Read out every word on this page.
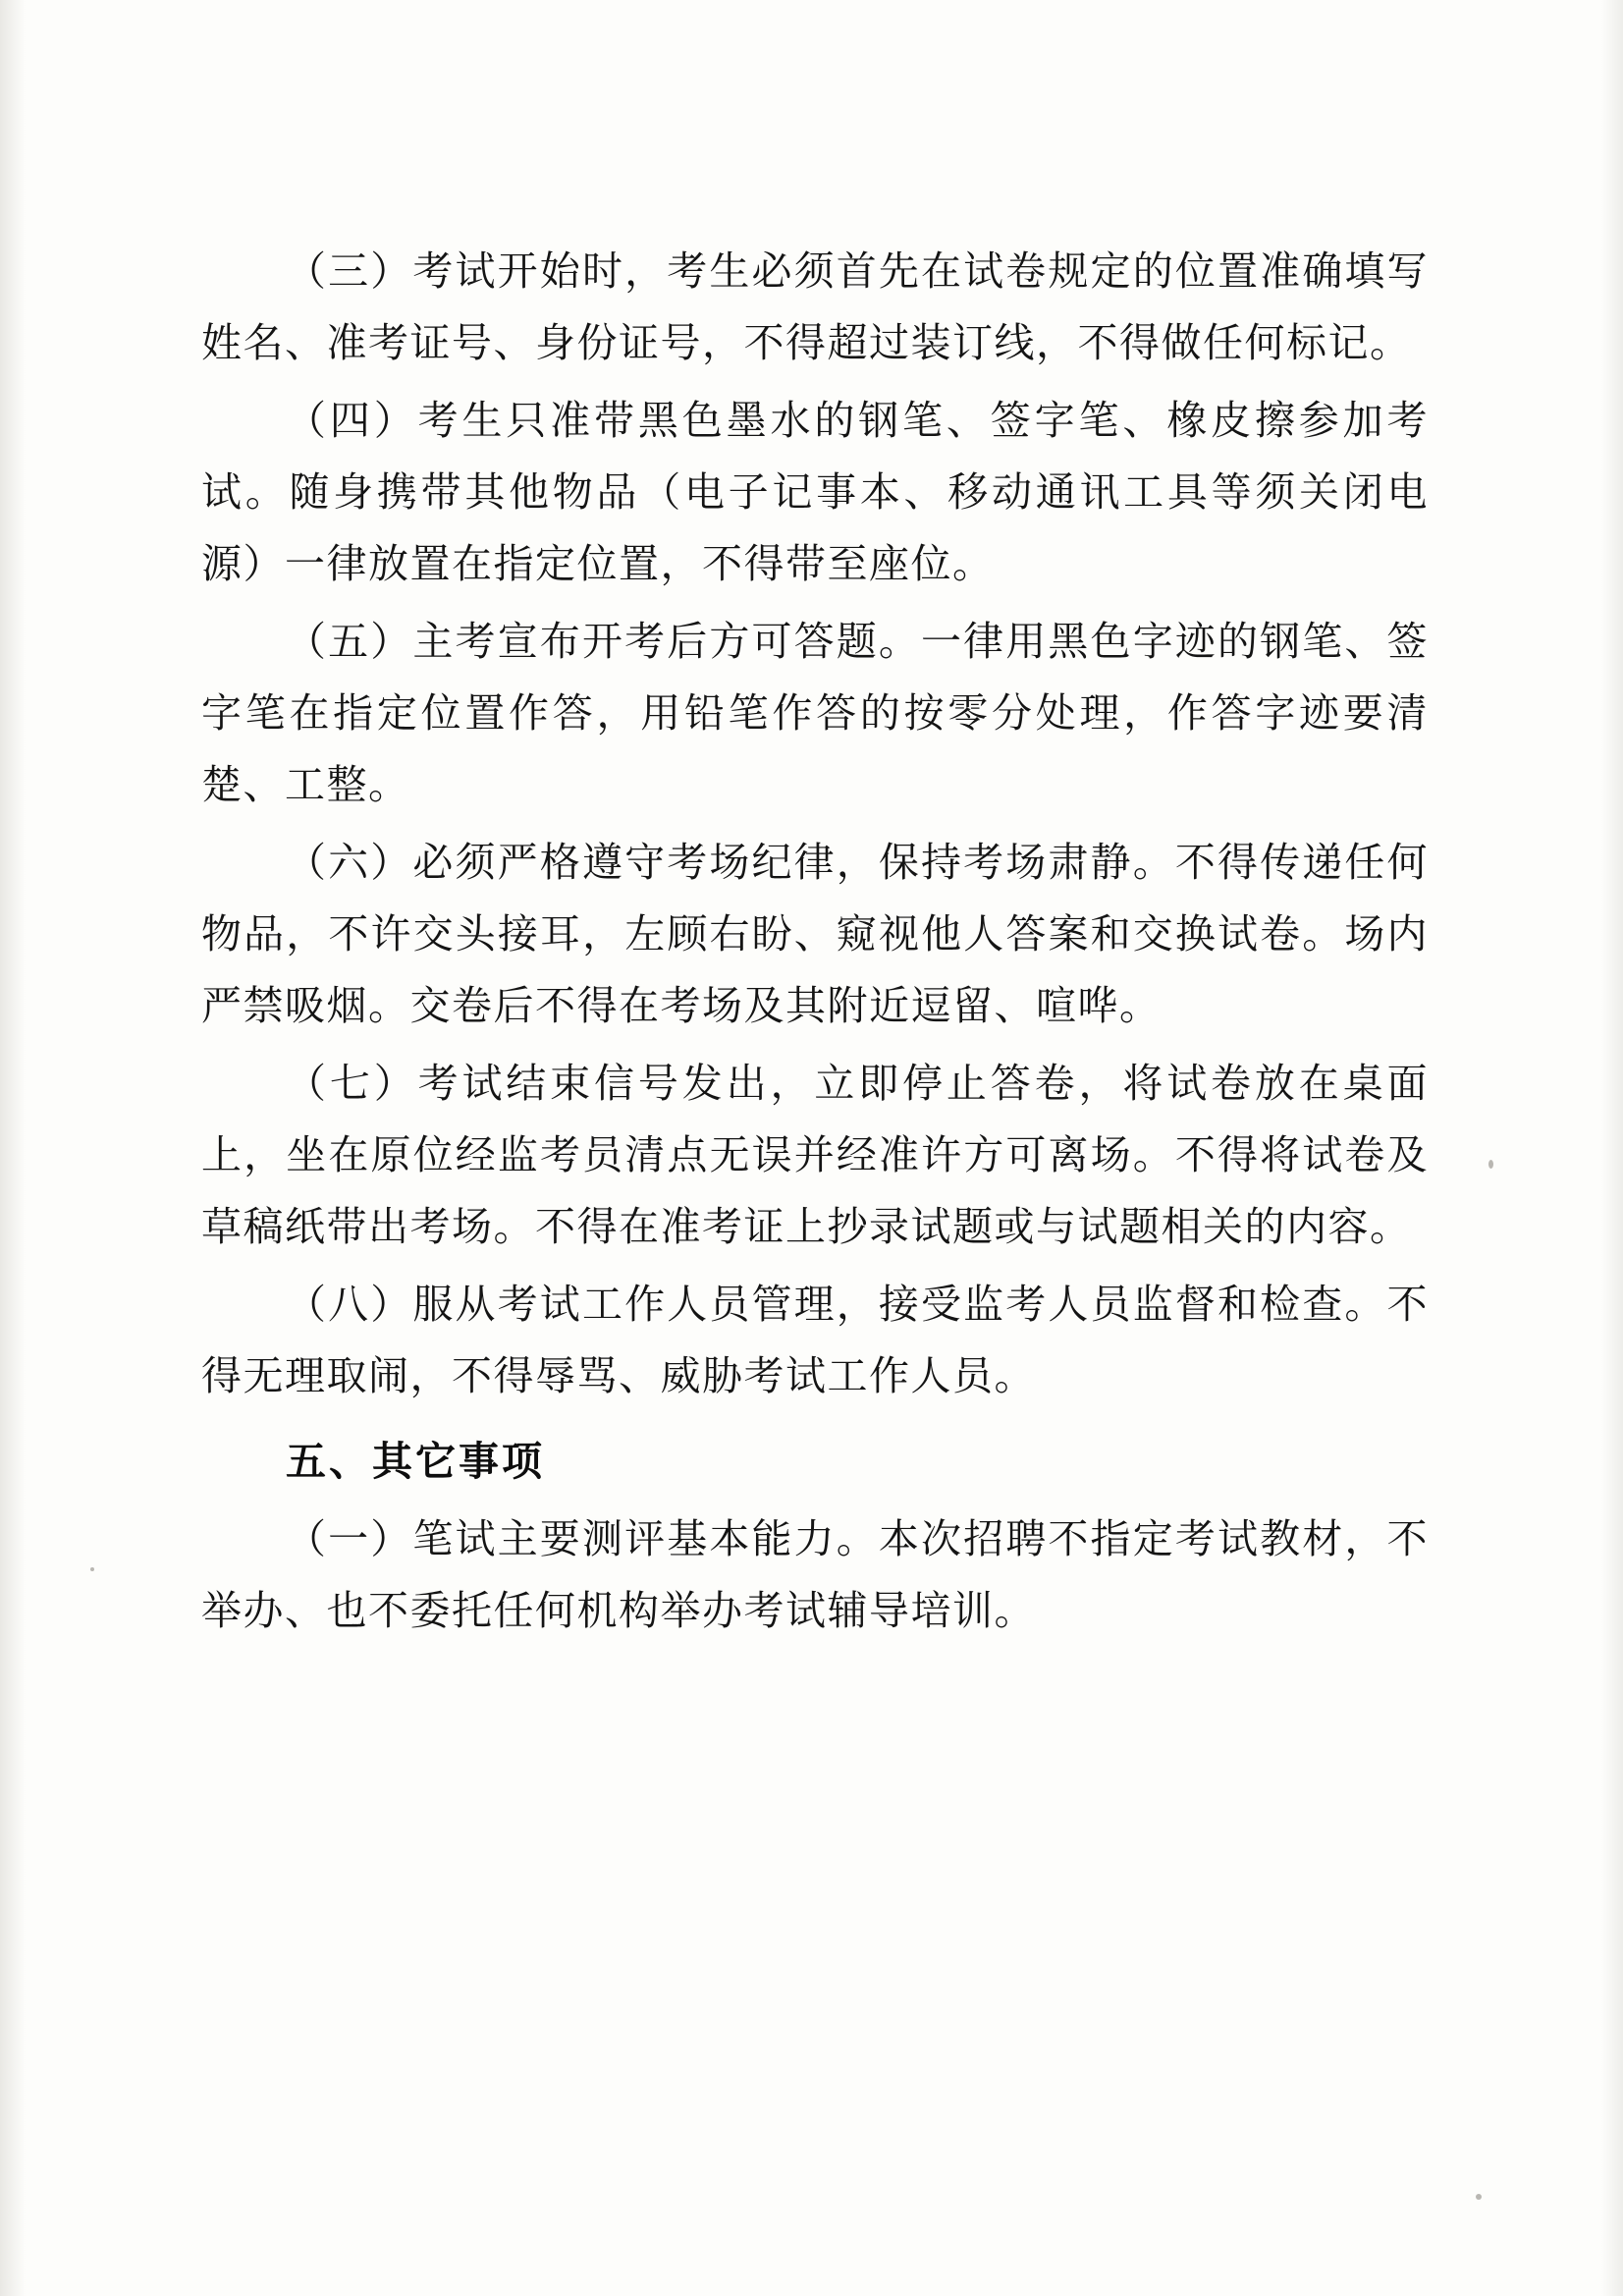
（三）考试开始时，考生必须首先在试卷规定的位置准确填写姓名、准考证号、身份证号，不得超过装订线，不得做任何标记。

（四）考生只准带黑色墨水的钢笔、签字笔、橡皮擦参加考试。随身携带其他物品（电子记事本、移动通讯工具等须关闭电源）一律放置在指定位置，不得带至座位。

（五）主考宣布开考后方可答题。一律用黑色字迹的钢笔、签字笔在指定位置作答，用铅笔作答的按零分处理，作答字迹要清楚、工整。

（六）必须严格遵守考场纪律，保持考场肃静。不得传递任何物品，不许交头接耳，左顾右盼、窥视他人答案和交换试卷。场内严禁吸烟。交卷后不得在考场及其附近逗留、喧哗。

（七）考试结束信号发出，立即停止答卷，将试卷放在桌面上，坐在原位经监考员清点无误并经准许方可离场。不得将试卷及草稿纸带出考场。不得在准考证上抄录试题或与试题相关的内容。

（八）服从考试工作人员管理，接受监考人员监督和检查。不得无理取闹，不得辱骂、威胁考试工作人员。

五、其它事项

（一）笔试主要测评基本能力。本次招聘不指定考试教材，不举办、也不委托任何机构举办考试辅导培训。
